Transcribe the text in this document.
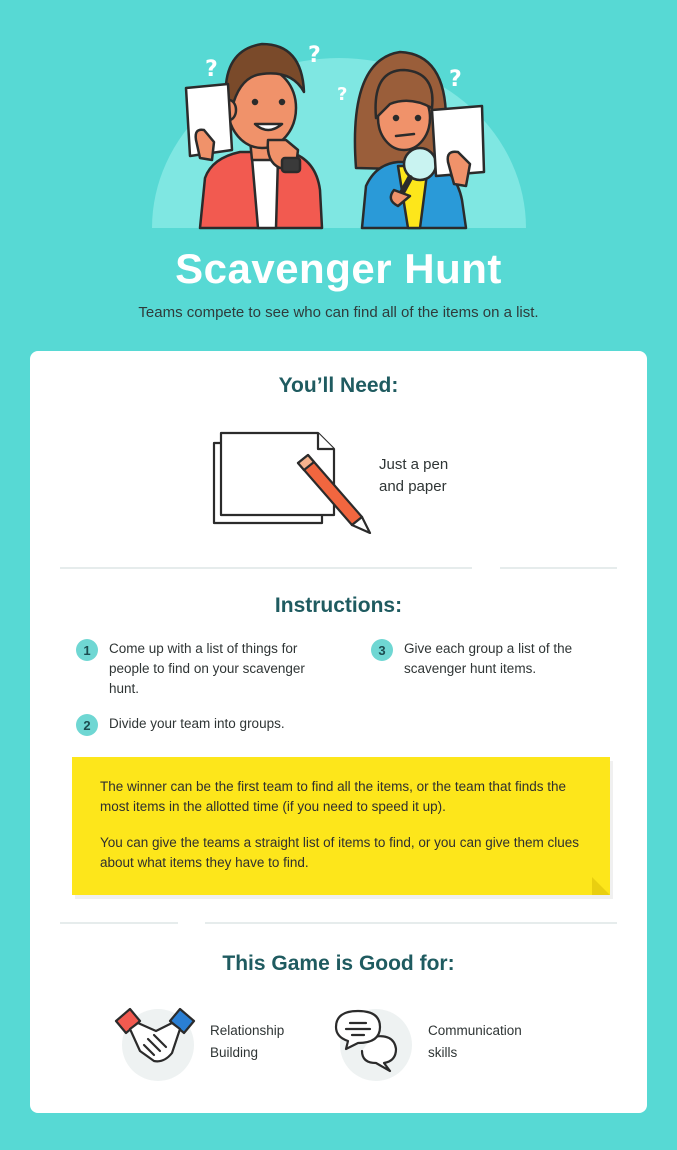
?
?
?
?
Scavenger Hunt

Teams compete to see who can find all of the items on a list.

You’ll Need:

Just a pen
and paper

Instructions:
1	Come up with a list of things for people to find on your scavenger hunt.
2	Divide your team into groups.
3	Give each group a list of the scavenger hunt items.

The winner can be the first team to find all the items, or the team that finds the most items in the allotted time (if you need to speed it up).

You can give the teams a straight list of items to find, or you can give them clues about what items they have to find.

This Game is Good for:
Relationship
Building
Communication
skills
